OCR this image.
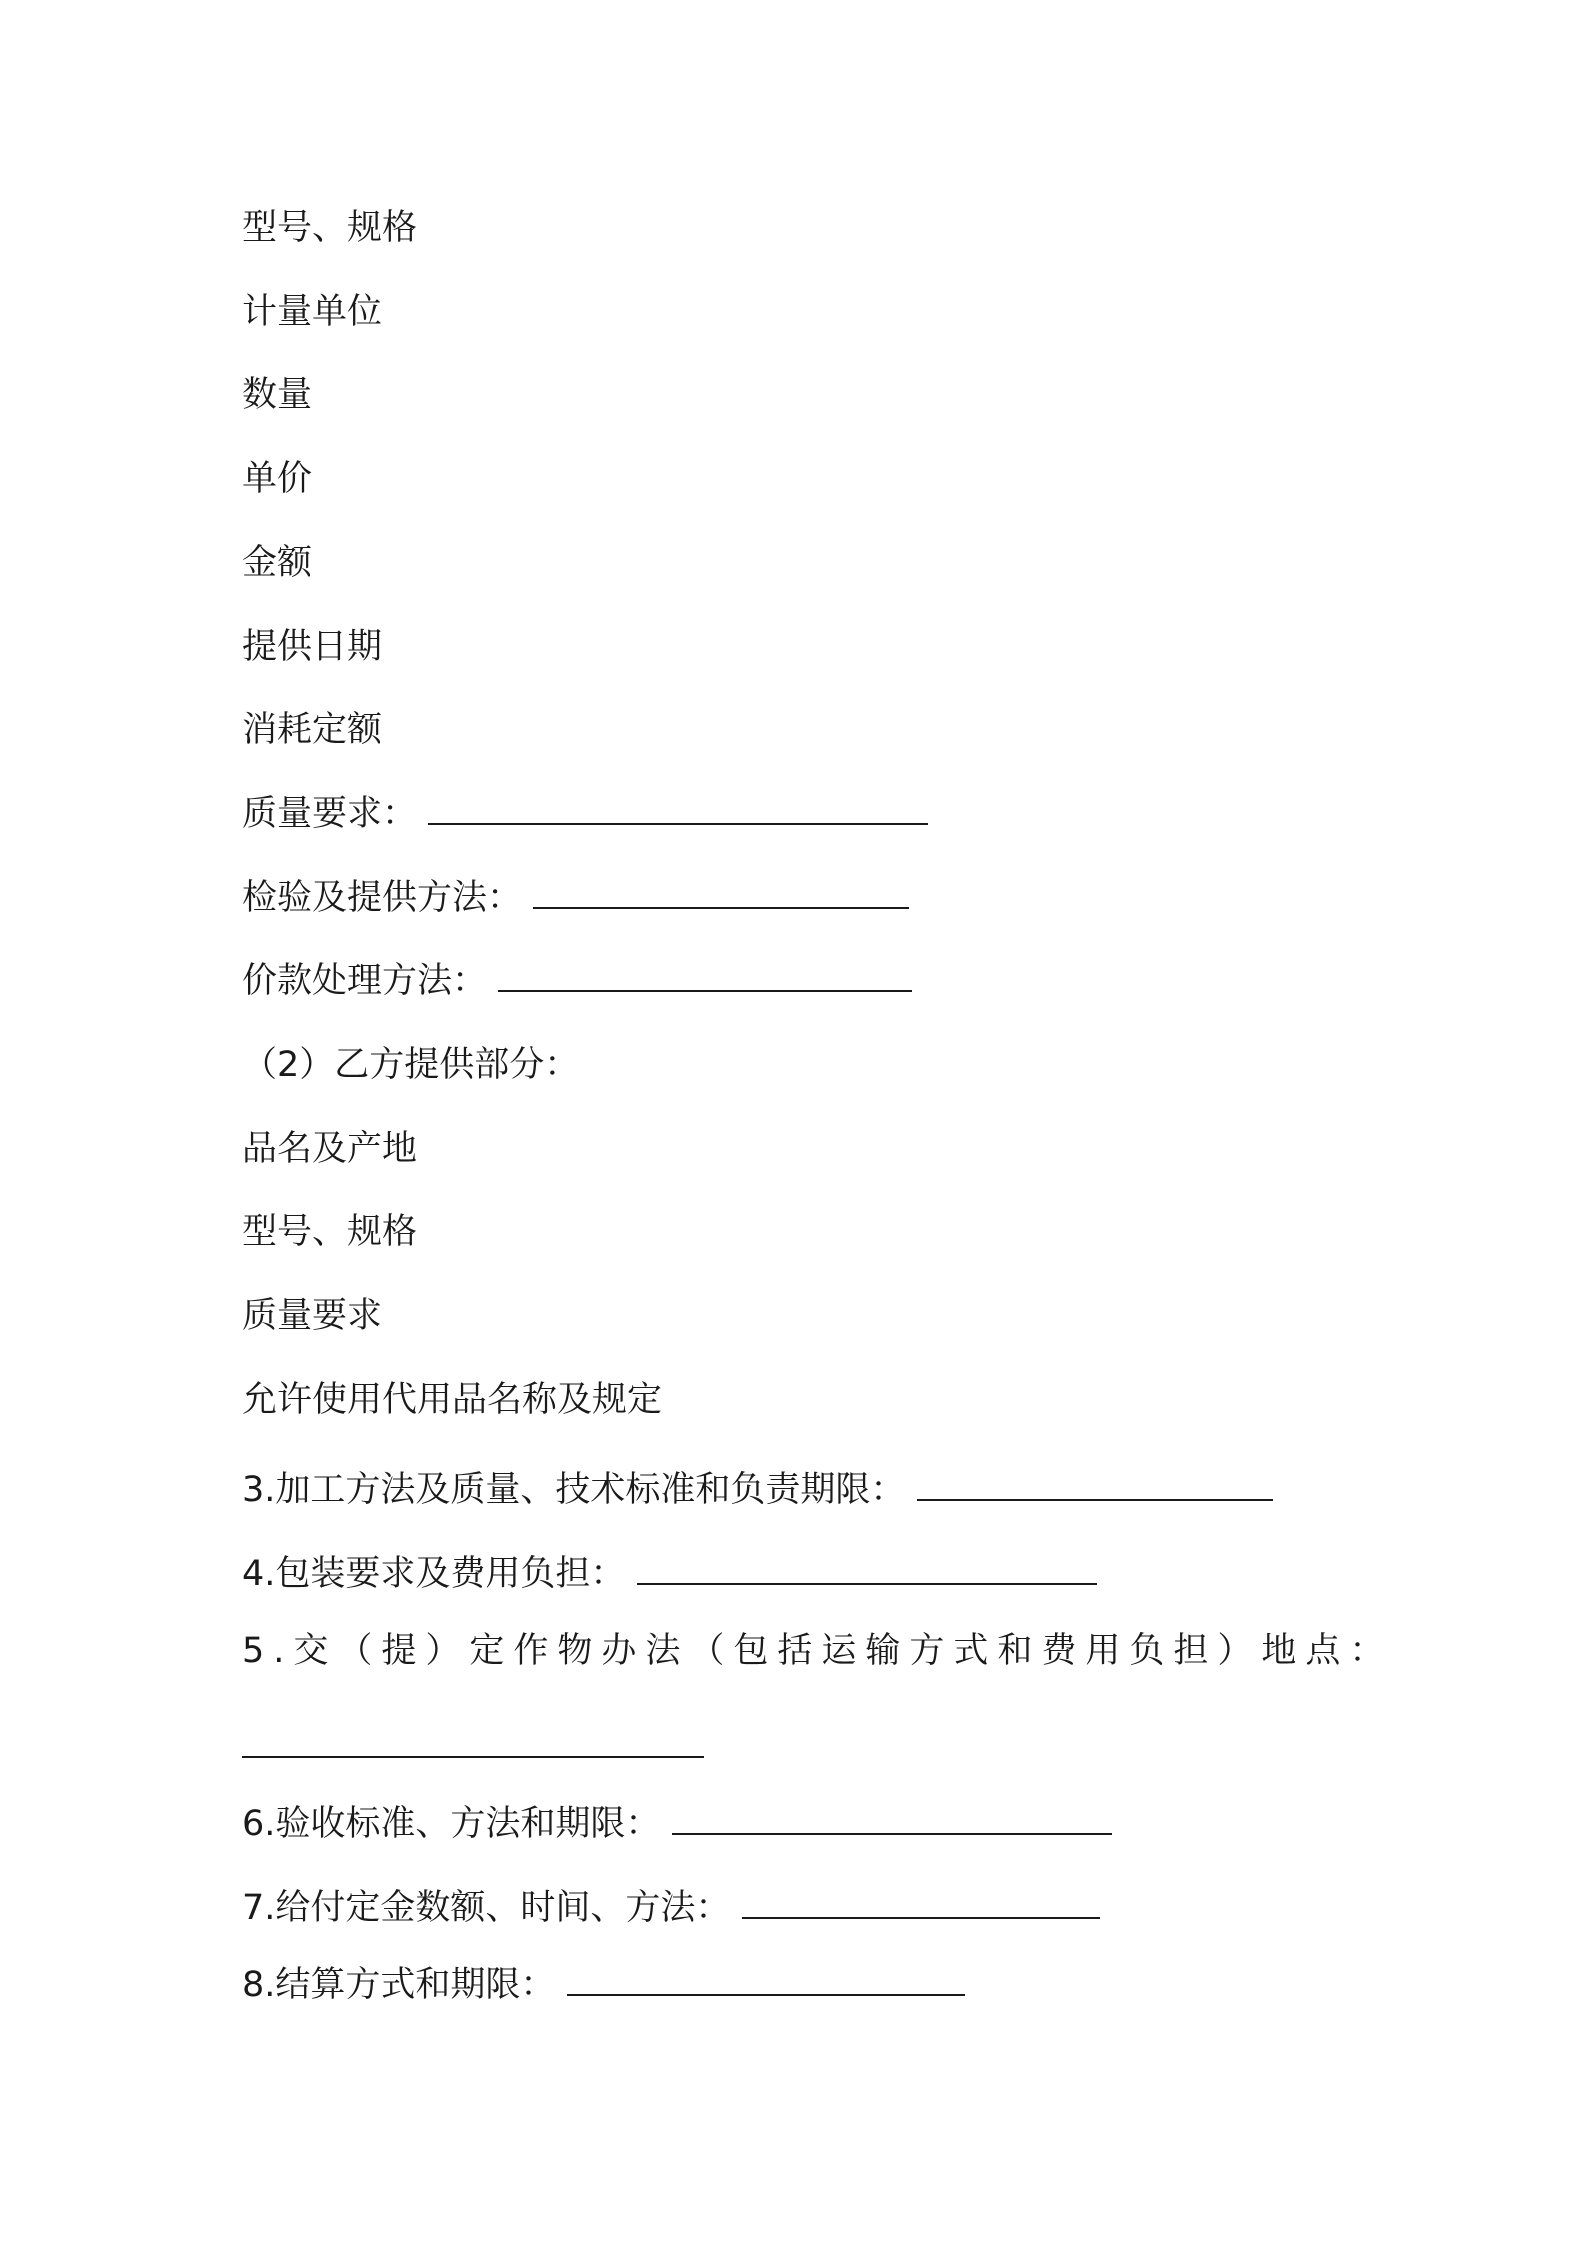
型号、规格
计量单位
数量
单价
金额
提供日期
消耗定额
质量要求：
检验及提供方法：
价款处理方法：
（2）乙方提供部分：
品名及产地
型号、规格
质量要求
允许使用代用品名称及规定
3.加工方法及质量、技术标准和负责期限：
4.包装要求及费用负担：
5.交（提）定作物办法（包括运输方式和费用负担）地点：
6.验收标准、方法和期限：
7.给付定金数额、时间、方法：
8.结算方式和期限：
